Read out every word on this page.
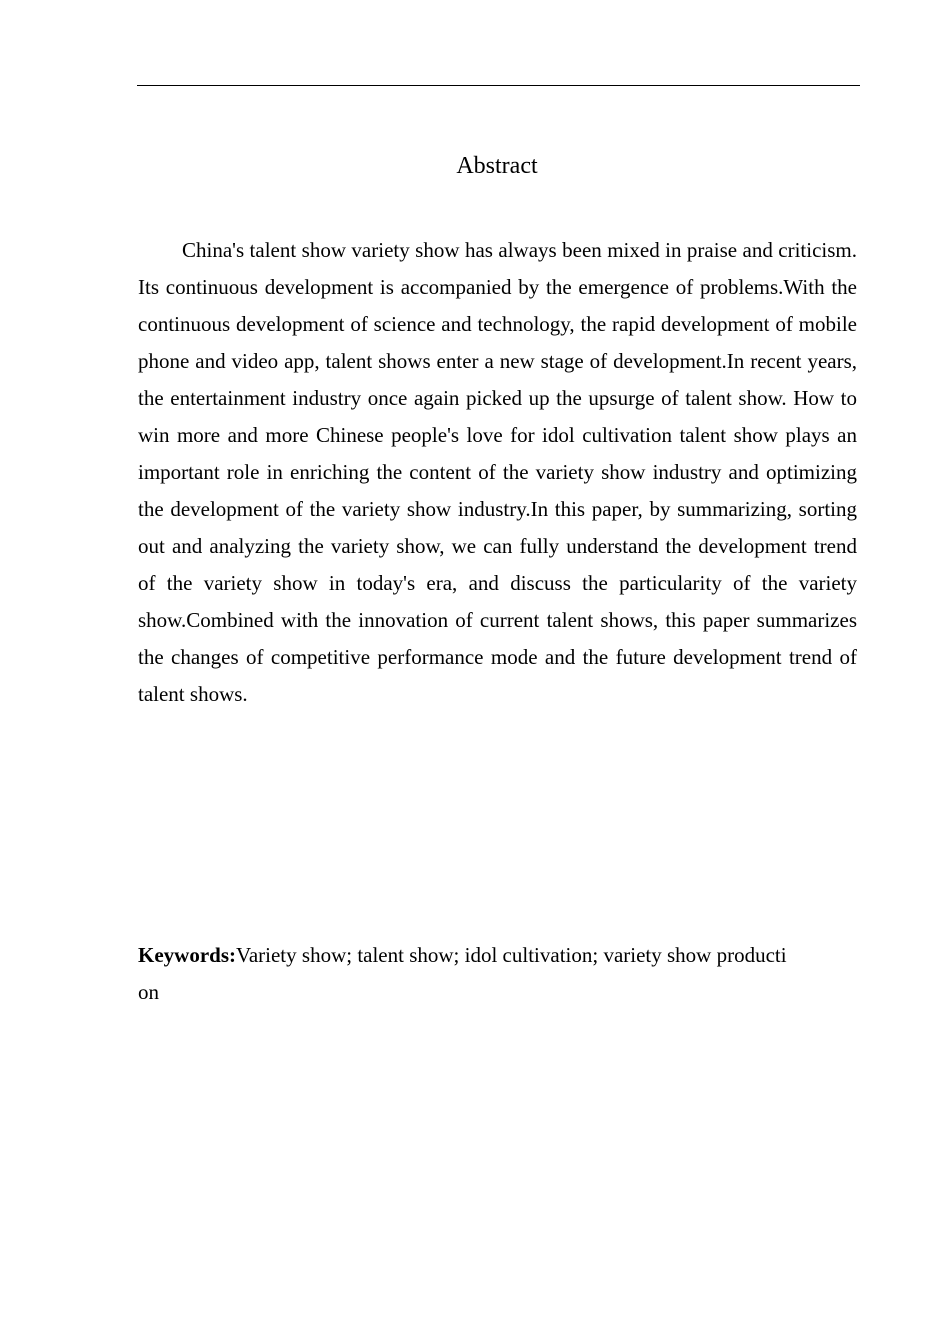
Abstract

China's talent show variety show has always been mixed in praise and criticism. Its continuous development is accompanied by the emergence of problems.With the continuous development of science and technology, the rapid development of mobile phone and video app, talent shows enter a new stage of development.In recent years, the entertainment industry once again picked up the upsurge of talent show. How to win more and more Chinese people's love for idol cultivation talent show plays an important role in enriching the content of the variety show industry and optimizing the development of the variety show industry.In this paper, by summarizing, sorting out and analyzing the variety show, we can fully understand the development trend of the variety show in today's era, and discuss the particularity of the variety show.Combined with the innovation of current talent shows, this paper summarizes the changes of competitive performance mode and the future development trend of talent shows.

Keywords:Variety show; talent show; idol cultivation; variety show production
